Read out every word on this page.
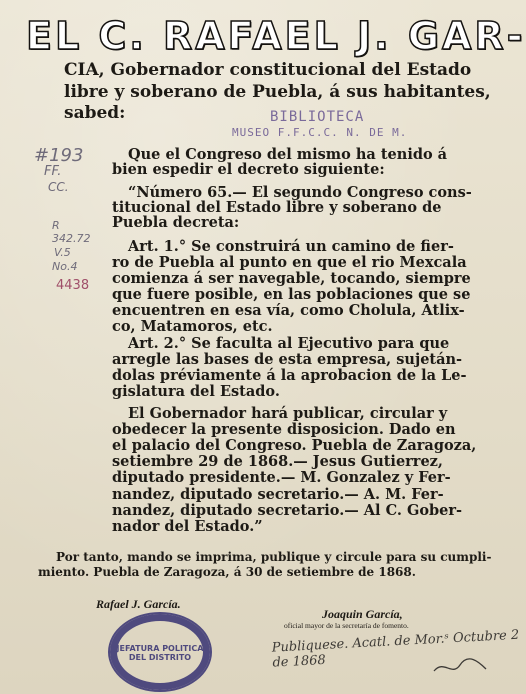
EL C. RAFAEL J. GAR-
CIA, Gobernador constitucional del Estado
libre y soberano de Puebla, á sus habitantes,
sabed:	BIBLIOTECA
MUSEO F.F.C.C. N. DE M.
#193
FF.
CC.
R
342.72
V.5
No.4
4438
Que el Congreso del mismo ha tenido á
bien espedir el decreto siguiente:
“Número 65.— El segundo Congreso cons-
titucional del Estado libre y soberano de
Puebla decreta:
Art. 1.° Se construirá un camino de fier-
ro de Puebla al punto en que el rio Mexcala
comienza á ser navegable, tocando, siempre
que fuere posible, en las poblaciones que se
encuentren en esa vía, como Cholula, Atlix-
co, Matamoros, etc.
Art. 2.° Se faculta al Ejecutivo para que
arregle las bases de esta empresa, sujetán-
dolas préviamente á la aprobacion de la Le-
gislatura del Estado.
El Gobernador hará publicar, circular y
obedecer la presente disposicion. Dado en
el palacio del Congreso. Puebla de Zaragoza,
setiembre 29 de 1868.— Jesus Gutierrez,
diputado presidente.— M. Gonzalez y Fer-
nandez, diputado secretario.— A. M. Fer-
nandez, diputado secretario.— Al C. Gober-
nador del Estado.”
Por tanto, mando se imprima, publique y circule para su cumpli-
miento. Puebla de Zaragoza, á 30 de setiembre de 1868.
Rafael J. García.
Joaquin García,
oficial mayor de la secretaría de fomento.
JEFATURA POLITICA DEL DISTRITO
Publiquese. Acatl. de Mor.ˢ Octubre 2 de 1868
